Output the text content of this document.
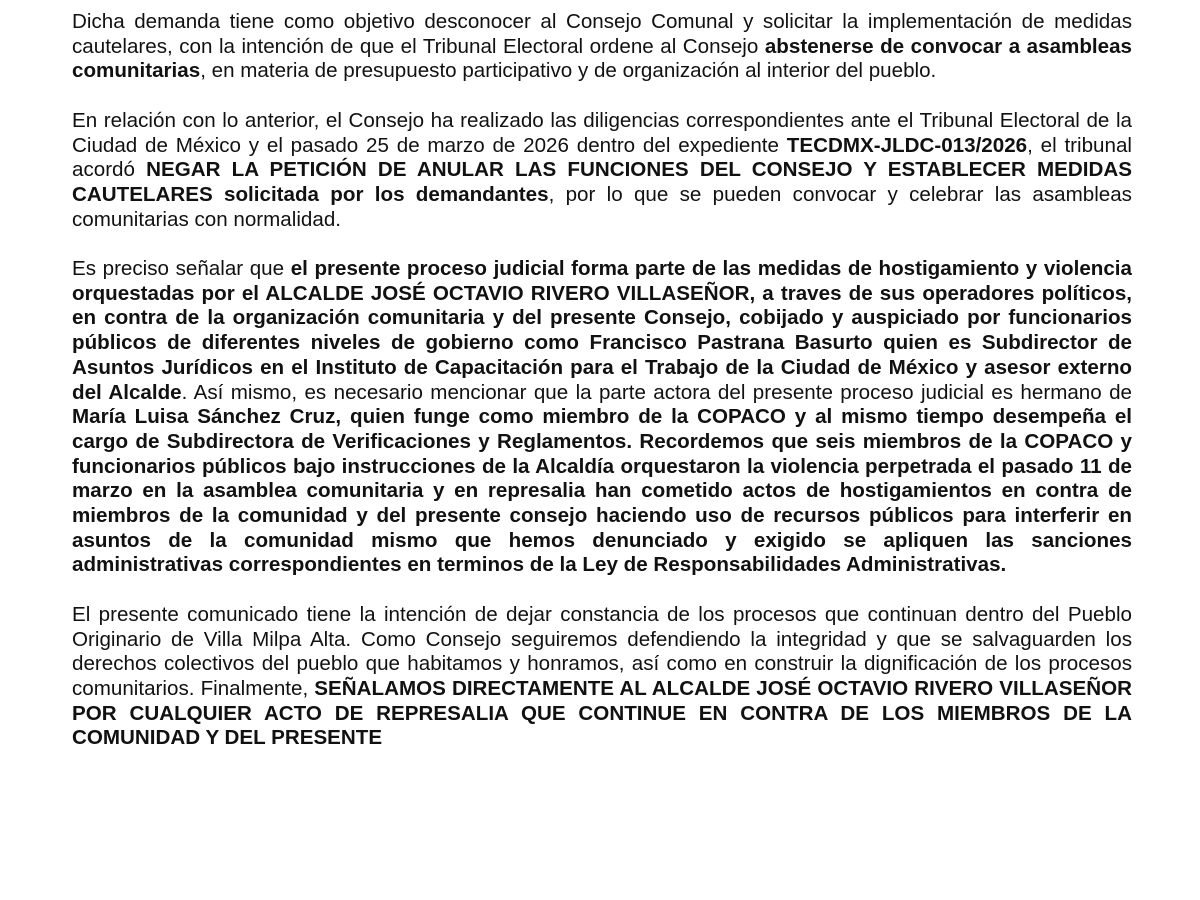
Dicha demanda tiene como objetivo desconocer al Consejo Comunal y solicitar la implementación de medidas cautelares, con la intención de que el Tribunal Electoral ordene al Consejo abstenerse de convocar a asambleas comunitarias, en materia de presupuesto participativo y de organización al interior del pueblo.

En relación con lo anterior, el Consejo ha realizado las diligencias correspondientes ante el Tribunal Electoral de la Ciudad de México y el pasado 25 de marzo de 2026 dentro del expediente TECDMX-JLDC-013/2026, el tribunal acordó NEGAR LA PETICIÓN DE ANULAR LAS FUNCIONES DEL CONSEJO Y ESTABLECER MEDIDAS CAUTELARES solicitada por los demandantes, por lo que se pueden convocar y celebrar las asambleas comunitarias con normalidad.

Es preciso señalar que el presente proceso judicial forma parte de las medidas de hostigamiento y violencia orquestadas por el ALCALDE JOSÉ OCTAVIO RIVERO VILLASEÑOR, a traves de sus operadores políticos, en contra de la organización comunitaria y del presente Consejo, cobijado y auspiciado por funcionarios públicos de diferentes niveles de gobierno como Francisco Pastrana Basurto quien es Subdirector de Asuntos Jurídicos en el Instituto de Capacitación para el Trabajo de la Ciudad de México y asesor externo del Alcalde. Así mismo, es necesario mencionar que la parte actora del presente proceso judicial es hermano de María Luisa Sánchez Cruz, quien funge como miembro de la COPACO y al mismo tiempo desempeña el cargo de Subdirectora de Verificaciones y Reglamentos. Recordemos que seis miembros de la COPACO y funcionarios públicos bajo instrucciones de la Alcaldía orquestaron la violencia perpetrada el pasado 11 de marzo en la asamblea comunitaria y en represalia han cometido actos de hostigamientos en contra de miembros de la comunidad y del presente consejo haciendo uso de recursos públicos para interferir en asuntos de la comunidad mismo que hemos denunciado y exigido se apliquen las sanciones administrativas correspondientes en terminos de la Ley de Responsabilidades Administrativas.

El presente comunicado tiene la intención de dejar constancia de los procesos que continuan dentro del Pueblo Originario de Villa Milpa Alta. Como Consejo seguiremos defendiendo la integridad y que se salvaguarden los derechos colectivos del pueblo que habitamos y honramos, así como en construir la dignificación de los procesos comunitarios. Finalmente, SEÑALAMOS DIRECTAMENTE AL ALCALDE JOSÉ OCTAVIO RIVERO VILLASEÑOR POR CUALQUIER ACTO DE REPRESALIA QUE CONTINUE EN CONTRA DE LOS MIEMBROS DE LA COMUNIDAD Y DEL PRESENTE
